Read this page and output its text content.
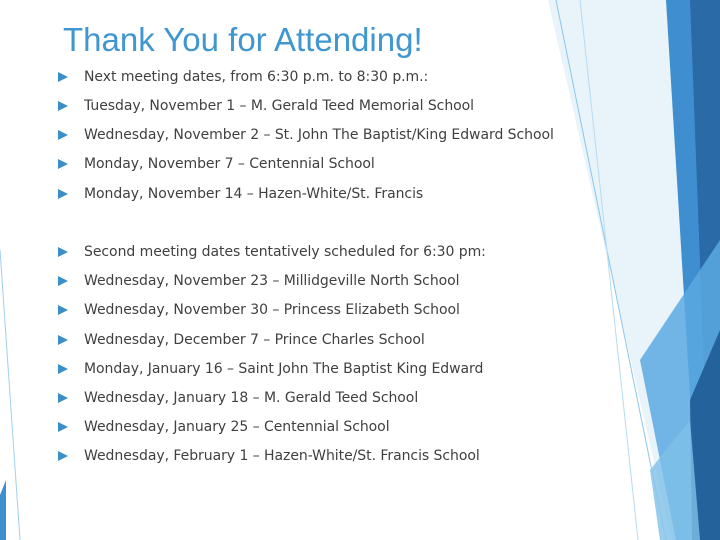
Thank You for Attending!
Next meeting dates, from 6:30 p.m. to 8:30 p.m.:
Tuesday, November 1 – M. Gerald Teed Memorial School
Wednesday, November 2 – St. John The Baptist/King Edward School
Monday, November 7 – Centennial School
Monday, November 14 – Hazen-White/St. Francis
Second meeting dates tentatively scheduled for 6:30 pm:
Wednesday, November 23 – Millidgeville North School
Wednesday, November 30 – Princess Elizabeth School
Wednesday, December 7 – Prince Charles School
Monday, January 16 – Saint John The Baptist King Edward
Wednesday, January 18 – M. Gerald Teed School
Wednesday, January 25 – Centennial School
Wednesday, February 1 – Hazen-White/St. Francis School
